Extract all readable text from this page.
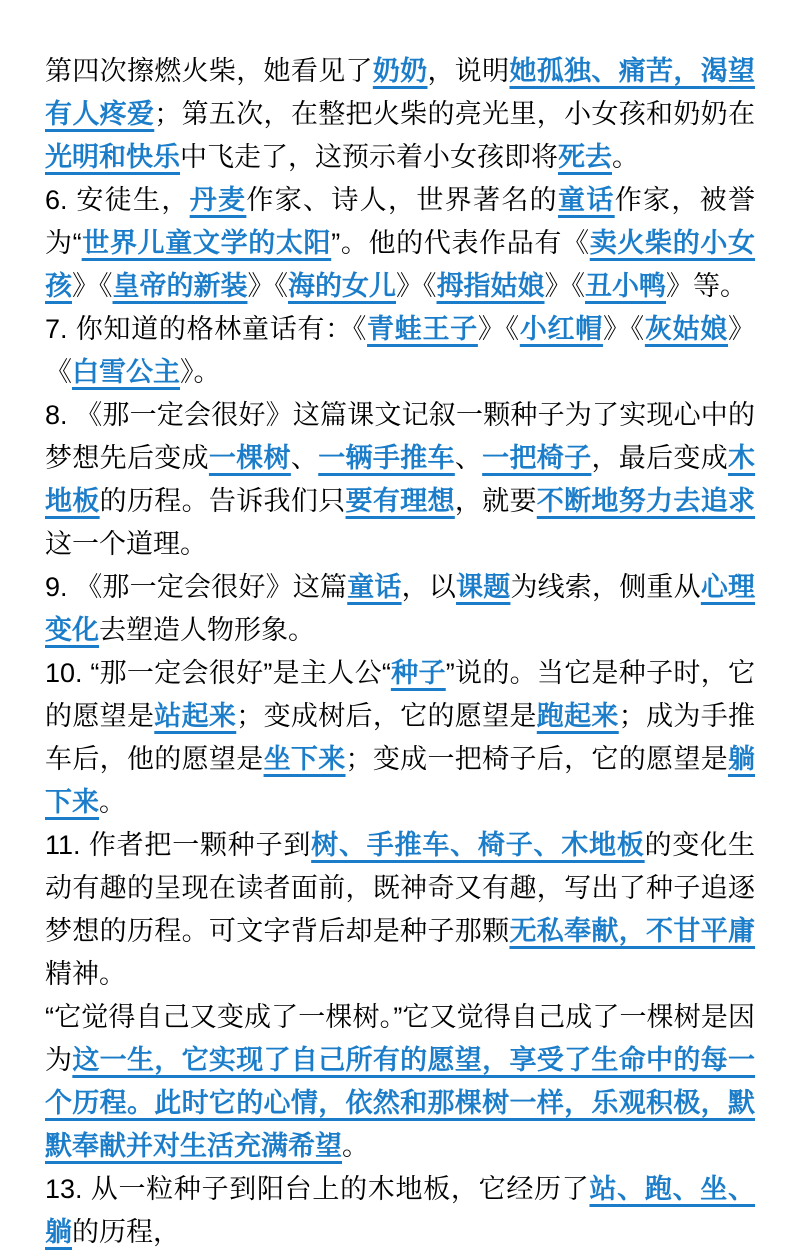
第四次擦燃火柴，她看见了奶奶，说明她孤独、痛苦，渴望有人疼爱；第五次，在整把火柴的亮光里，小女孩和奶奶在光明和快乐中飞走了，这预示着小女孩即将死去。

6. 安徒生，丹麦作家、诗人，世界著名的童话作家，被誉为“世界儿童文学的太阳”。他的代表作品有《卖火柴的小女孩》《皇帝的新装》《海的女儿》《拇指姑娘》《丑小鸭》等。

7. 你知道的格林童话有：《青蛙王子》《小红帽》《灰姑娘》《白雪公主》。

8. 《那一定会很好》这篇课文记叙一颗种子为了实现心中的梦想先后变成一棵树、一辆手推车、一把椅子，最后变成木地板的历程。告诉我们只要有理想，就要不断地努力去追求这一个道理。

9. 《那一定会很好》这篇童话，以课题为线索，侧重从心理变化去塑造人物形象。

10. “那一定会很好”是主人公“种子”说的。当它是种子时，它的愿望是站起来；变成树后，它的愿望是跑起来；成为手推车后，他的愿望是坐下来；变成一把椅子后，它的愿望是躺下来。

11. 作者把一颗种子到树、手推车、椅子、木地板的变化生动有趣的呈现在读者面前，既神奇又有趣，写出了种子追逐梦想的历程。可文字背后却是种子那颗无私奉献，不甘平庸精神。

“它觉得自己又变成了一棵树。”它又觉得自己成了一棵树是因为这一生，它实现了自己所有的愿望，享受了生命中的每一个历程。此时它的心情，依然和那棵树一样，乐观积极，默默奉献并对生活充满希望。

13. 从一粒种子到阳台上的木地板，它经历了站、跑、坐、躺的历程，
